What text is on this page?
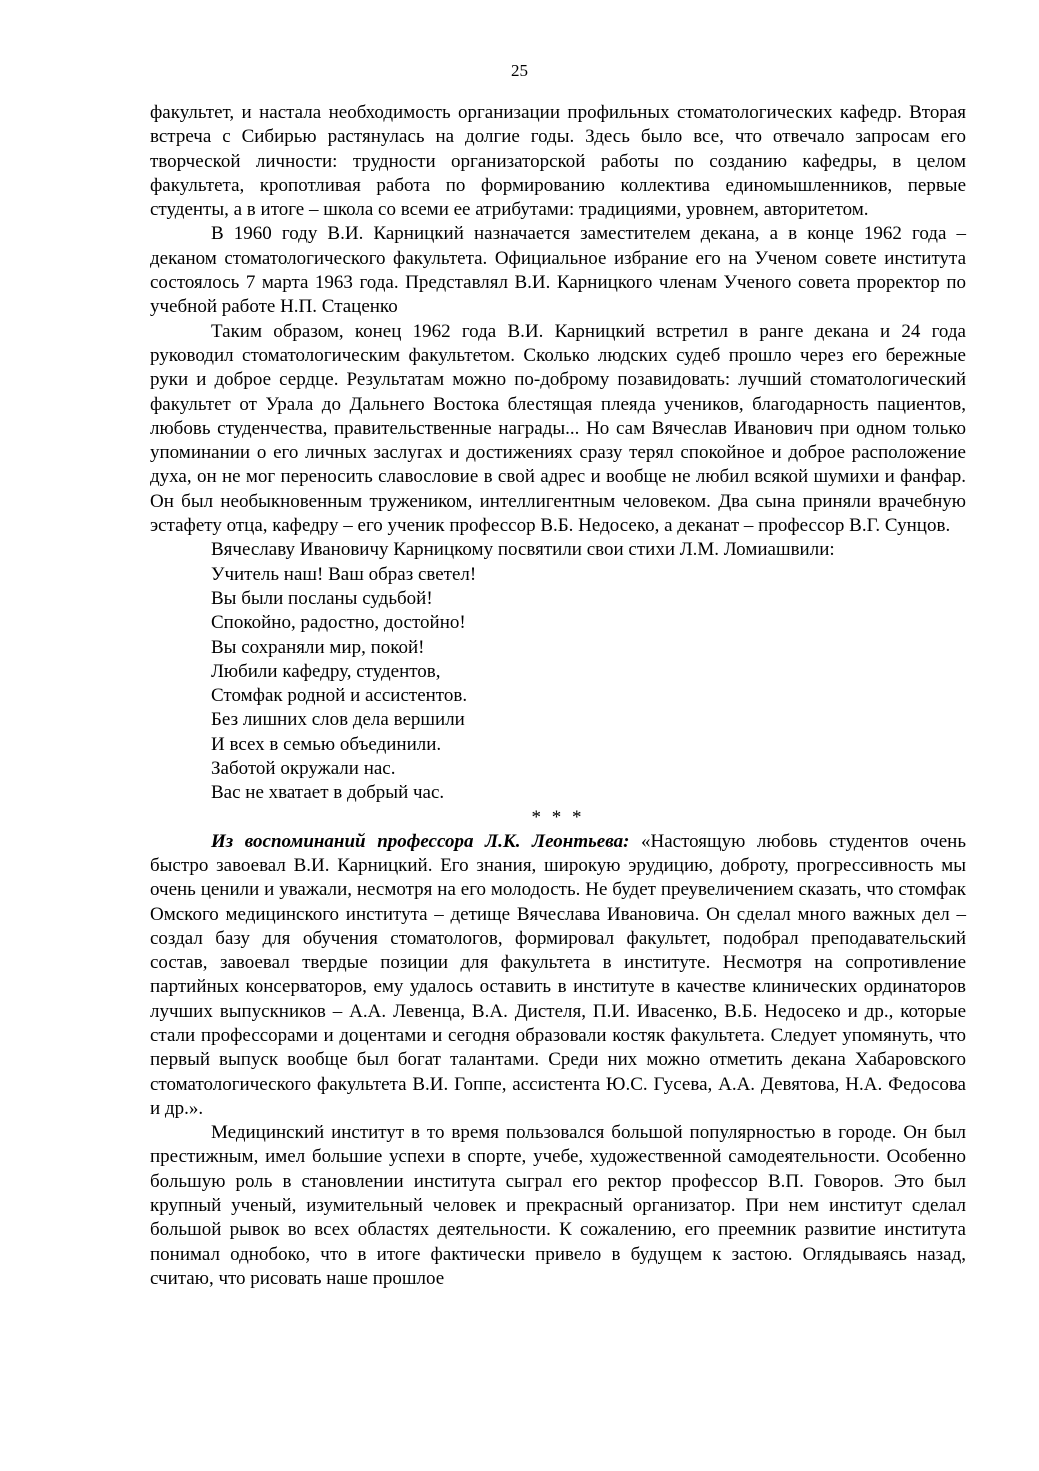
25

факультет, и настала необходимость организации профильных стоматологических кафедр. Вторая встреча с Сибирью растянулась на долгие годы. Здесь было все, что отвечало запросам его творческой личности: трудности организаторской работы по созданию кафедры, в целом факультета, кропотливая работа по формированию коллектива единомышленников, первые студенты, а в итоге – школа со всеми ее атрибутами: традициями, уровнем, авторитетом.

В 1960 году В.И. Карницкий назначается заместителем декана, а в конце 1962 года – деканом стоматологического факультета. Официальное избрание его на Ученом совете института состоялось 7 марта 1963 года. Представлял В.И. Карницкого членам Ученого совета проректор по учебной работе Н.П. Стаценко

Таким образом, конец 1962 года В.И. Карницкий встретил в ранге декана и 24 года руководил стоматологическим факультетом. Сколько людских судеб прошло через его бережные руки и доброе сердце. Результатам можно по-доброму позавидовать: лучший стоматологический факультет от Урала до Дальнего Востока блестящая плеяда учеников, благодарность пациентов, любовь студенчества, правительственные награды... Но сам Вячеслав Иванович при одном только упоминании о его личных заслугах и достижениях сразу терял спокойное и доброе расположение духа, он не мог переносить славословие в свой адрес и вообще не любил всякой шумихи и фанфар. Он был необыкновенным тружеником, интеллигентным человеком. Два сына приняли врачебную эстафету отца, кафедру – его ученик профессор В.Б. Недосеко, а деканат – профессор В.Г. Сунцов.

Вячеславу Ивановичу Карницкому посвятили свои стихи Л.М. Ломиашвили:

Учитель наш! Ваш образ светел!
Вы были посланы судьбой!
Спокойно, радостно, достойно!
Вы сохраняли мир, покой!
Любили кафедру, студентов,
Стомфак родной и ассистентов.
Без лишних слов дела вершили
И всех в семью объединили.
Заботой окружали нас.
Вас не хватает в добрый час.
* * *

Из воспоминаний профессора Л.К. Леонтьева: «Настоящую любовь студентов очень быстро завоевал В.И. Карницкий. Его знания, широкую эрудицию, доброту, прогрессивность мы очень ценили и уважали, несмотря на его молодость. Не будет преувеличением сказать, что стомфак Омского медицинского института – детище Вячеслава Ивановича. Он сделал много важных дел – создал базу для обучения стоматологов, формировал факультет, подобрал преподавательский состав, завоевал твердые позиции для факультета в институте. Несмотря на сопротивление партийных консерваторов, ему удалось оставить в институте в качестве клинических ординаторов лучших выпускников – А.А. Левенца, В.А. Дистеля, П.И. Ивасенко, В.Б. Недосеко и др., которые стали профессорами и доцентами и сегодня образовали костяк факультета. Следует упомянуть, что первый выпуск вообще был богат талантами. Среди них можно отметить декана Хабаровского стоматологического факультета В.И. Гоппе, ассистента Ю.С. Гусева, А.А. Девятова, Н.А. Федосова и др.».

Медицинский институт в то время пользовался большой популярностью в городе. Он был престижным, имел большие успехи в спорте, учебе, художественной самодеятельности. Особенно большую роль в становлении института сыграл его ректор профессор В.П. Говоров. Это был крупный ученый, изумительный человек и прекрасный организатор. При нем институт сделал большой рывок во всех областях деятельности. К сожалению, его преемник развитие института понимал однобоко, что в итоге фактически привело в будущем к застою. Оглядываясь назад, считаю, что рисовать наше прошлое
